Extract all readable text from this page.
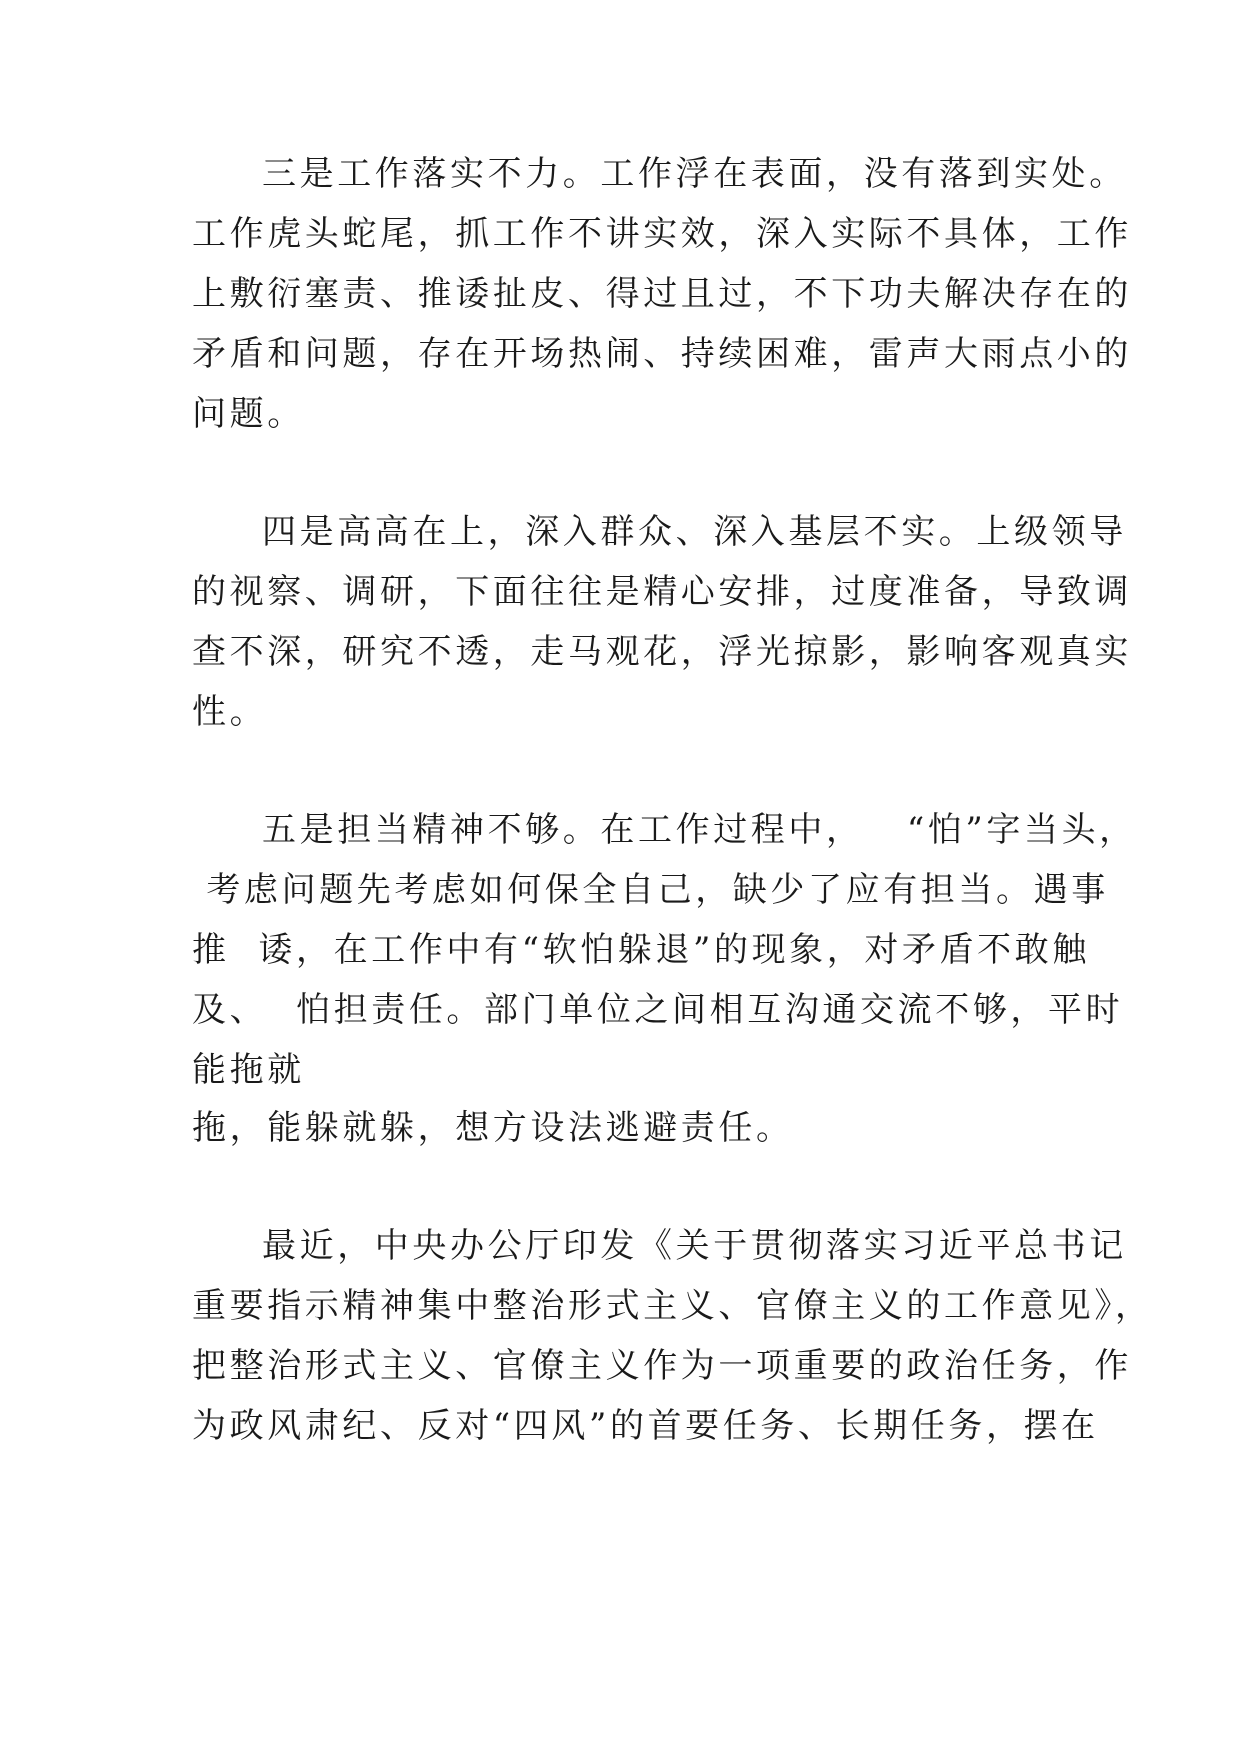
三是工作落实不力。工作浮在表面，没有落到实处。
工作虎头蛇尾，抓工作不讲实效，深入实际不具体，工作
上敷衍塞责、推诿扯皮、得过且过，不下功夫解决存在的
矛盾和问题，存在开场热闹、持续困难，雷声大雨点小的
问题。
四是高高在上，深入群众、深入基层不实。上级领导
的视察、调研，下面往往是精心安排，过度准备，导致调
查不深，研究不透，走马观花，浮光掠影，影响客观真实
性。
五是担当精神不够。在工作过程中，   “怕”字当头，
考虑问题先考虑如何保全自己，缺少了应有担当。遇事
推  诿，在工作中有“软怕躲退”的现象，对矛盾不敢触
及、  怕担责任。部门单位之间相互沟通交流不够，平时
能拖就
拖，能躲就躲，想方设法逃避责任。
最近，中央办公厅印发《关于贯彻落实习近平总书记
重要指示精神集中整治形式主义、官僚主义的工作意见》，
把整治形式主义、官僚主义作为一项重要的政治任务，作
为政风肃纪、反对“四风”的首要任务、长期任务，摆在
